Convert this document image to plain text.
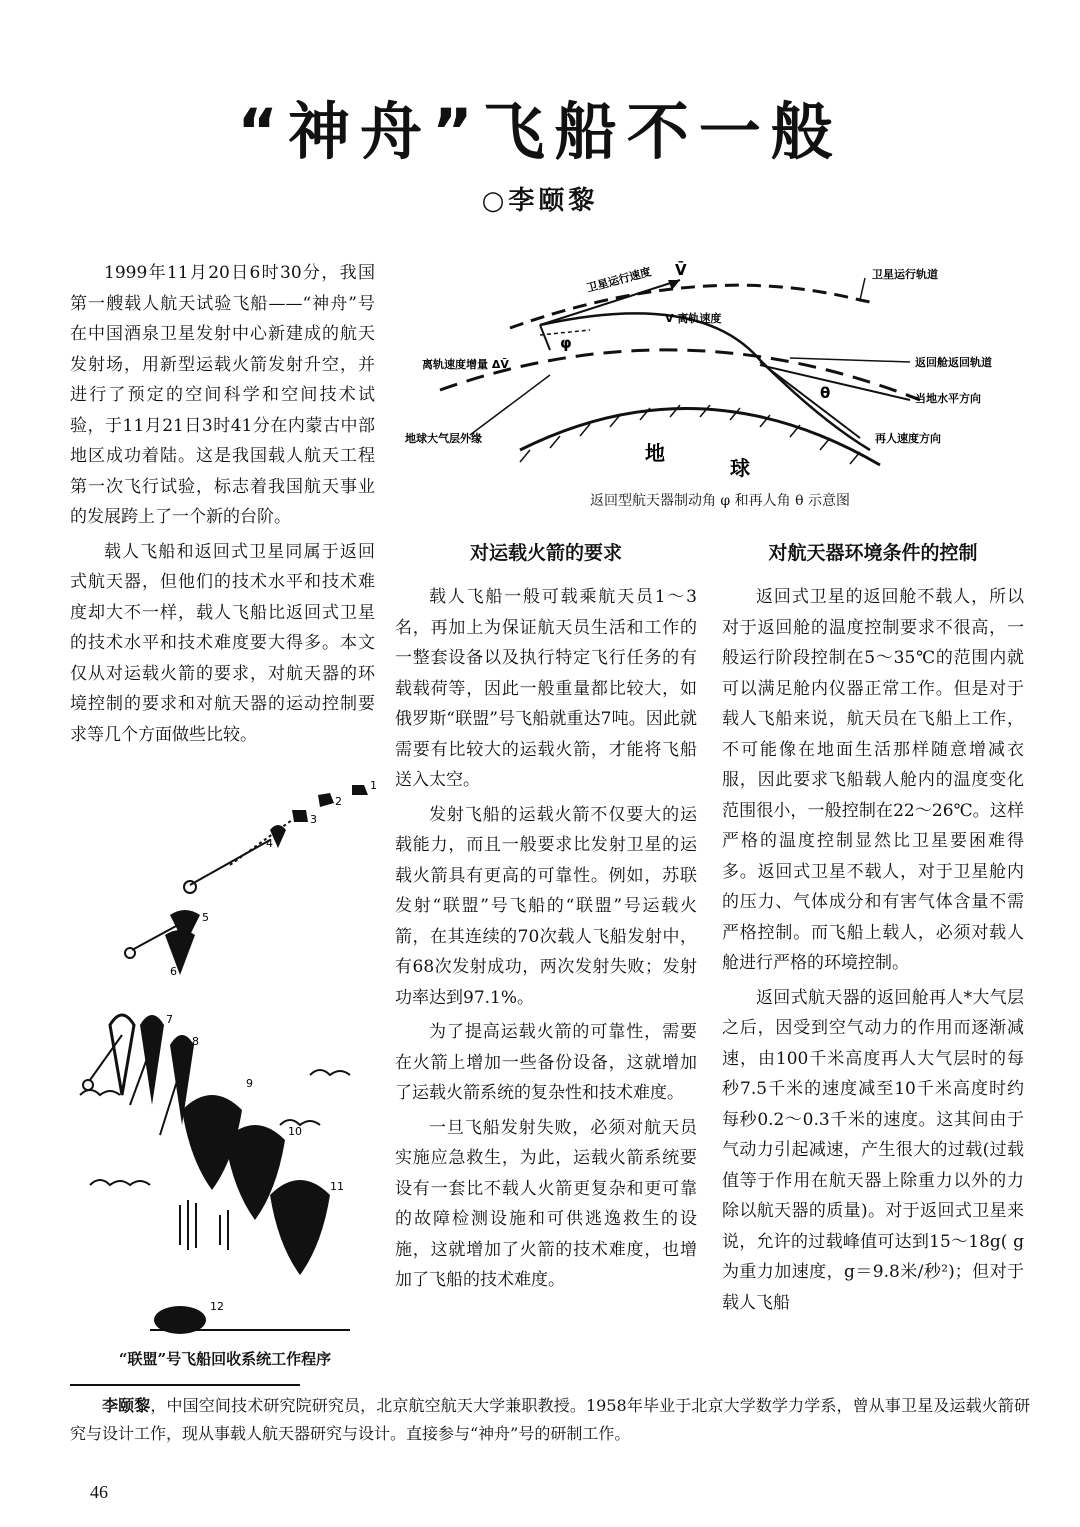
“神舟”飞船不一般
○李颐黎

1999年11月20日6时30分，我国第一艘载人航天试验飞船——“神舟”号在中国酒泉卫星发射中心新建成的航天发射场，用新型运载火箭发射升空，并进行了预定的空间科学和空间技术试验，于11月21日3时41分在内蒙古中部地区成功着陆。这是我国载人航天工程第一次飞行试验，标志着我国航天事业的发展跨上了一个新的台阶。

载人飞船和返回式卫星同属于返回式航天器，但他们的技术水平和技术难度却大不一样，载人飞船比返回式卫星的技术水平和技术难度要大得多。本文仅从对运载火箭的要求，对航天器的环境控制的要求和对航天器的运动控制要求等几个方面做些比较。

卫星运行速度 V̄	卫星运行轨道
V 离轨速度
离轨速度增量 ΔV̄
φ
返回舱返回轨道
当地水平方向
θ
再人速度方向
地球大气层外缘
地
球
返回型航天器制动角 φ 和再人角 θ 示意图
对运载火箭的要求	对航天器环境条件的控制

载人飞船一般可载乘航天员1～3名，再加上为保证航天员生活和工作的一整套设备以及执行特定飞行任务的有载载荷等，因此一般重量都比较大，如俄罗斯“联盟”号飞船就重达7吨。因此就需要有比较大的运载火箭，才能将飞船送入太空。

发射飞船的运载火箭不仅要大的运载能力，而且一般要求比发射卫星的运载火箭具有更高的可靠性。例如，苏联发射“联盟”号飞船的“联盟”号运载火箭，在其连续的70次载人飞船发射中，有68次发射成功，两次发射失败；发射功率达到97.1%。

为了提高运载火箭的可靠性，需要在火箭上增加一些备份设备，这就增加了运载火箭系统的复杂性和技术难度。

一旦飞船发射失败，必须对航天员实施应急救生，为此，运载火箭系统要设有一套比不载人火箭更复杂和更可靠的故障检测设施和可供逃逸救生的设施，这就增加了火箭的技术难度，也增加了飞船的技术难度。

返回式卫星的返回舱不载人，所以对于返回舱的温度控制要求不很高，一般运行阶段控制在5～35℃的范围内就可以满足舱内仪器正常工作。但是对于载人飞船来说，航天员在飞船上工作，不可能像在地面生活那样随意增减衣服，因此要求飞船载人舱内的温度变化范围很小，一般控制在22～26℃。这样严格的温度控制显然比卫星要困难得多。返回式卫星不载人，对于卫星舱内的压力、气体成分和有害气体含量不需严格控制。而飞船上载人，必须对载人舱进行严格的环境控制。

返回式航天器的返回舱再人*大气层之后，因受到空气动力的作用而逐渐减速，由100千米高度再人大气层时的每秒7.5千米的速度减至10千米高度时约每秒0.2～0.3千米的速度。这其间由于气动力引起减速，产生很大的过载(过载值等于作用在航天器上除重力以外的力除以航天器的质量)。对于返回式卫星来说，允许的过载峰值可达到15～18g( g为重力加速度，g＝9.8米/秒²)；但对于载人飞船

1
2
3
4
5
6
7
8
9
10
11
12
“联盟”号飞船回收系统工作程序
李颐黎，中国空间技术研究院研究员，北京航空航天大学兼职教授。1958年毕业于北京大学数学力学系，曾从事卫星及运载火箭研究与设计工作，现从事载人航天器研究与设计。直接参与“神舟”号的研制工作。
46
